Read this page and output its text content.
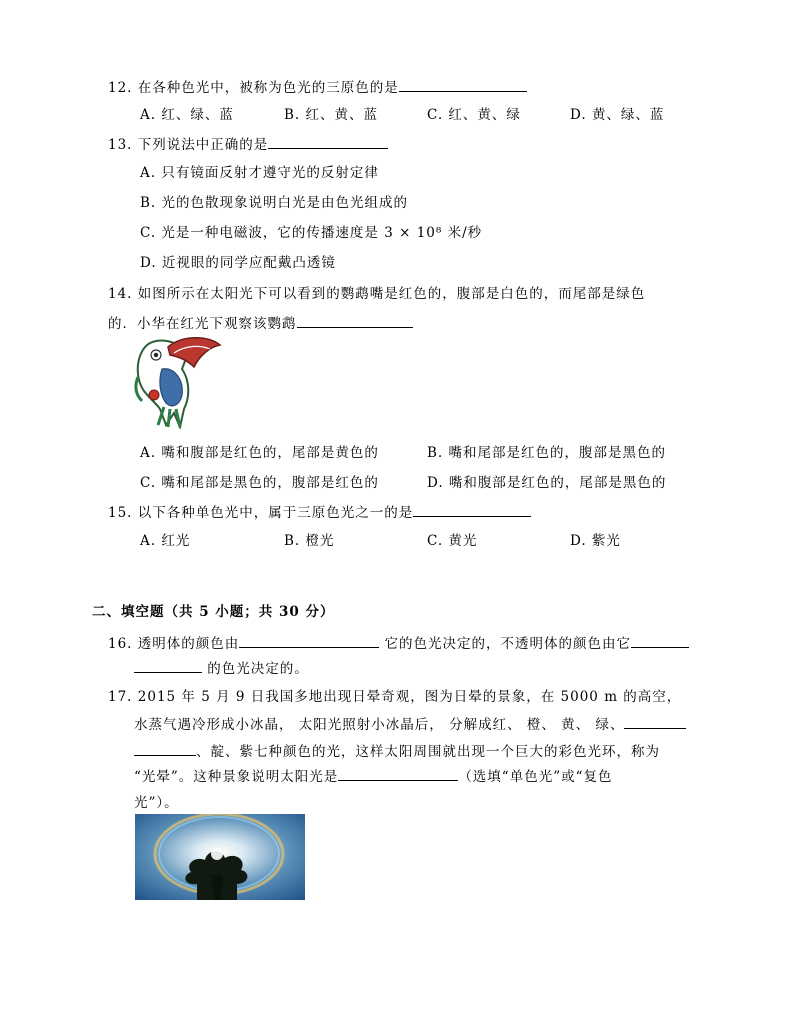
12. 在各种色光中，被称为色光的三原色的是
A. 红、绿、蓝	B. 红、黄、蓝	C. 红、黄、绿	D. 黄、绿、蓝
13. 下列说法中正确的是
A. 只有镜面反射才遵守光的反射定律
B. 光的色散现象说明白光是由色光组成的
C. 光是一种电磁波，它的传播速度是 3 × 10⁸ 米/秒
D. 近视眼的同学应配戴凸透镜
14. 如图所示在太阳光下可以看到的鹦鹉嘴是红色的，腹部是白色的，而尾部是绿色
的．小华在红光下观察该鹦鹉
A. 嘴和腹部是红色的，尾部是黄色的	B. 嘴和尾部是红色的，腹部是黑色的
C. 嘴和尾部是黑色的，腹部是红色的	D. 嘴和腹部是红色的，尾部是黑色的
15. 以下各种单色光中，属于三原色光之一的是
A. 红光	B. 橙光	C. 黄光	D. 紫光
二、填空题（共 5 小题；共 30 分）
16. 透明体的颜色由	它的色光决定的，不透明体的颜色由它
的色光决定的。
17. 2015 年 5 月 9 日我国多地出现日晕奇观，图为日晕的景象，在 5000 m 的高空，
水蒸气遇冷形成小冰晶， 太阳光照射小冰晶后， 分解成红、 橙、 黄、 绿、
、靛、紫七种颜色的光，这样太阳周围就出现一个巨大的彩色光环，称为
“光晕”。这种景象说明太阳光是	（选填“单色光”或“复色
光”）。
